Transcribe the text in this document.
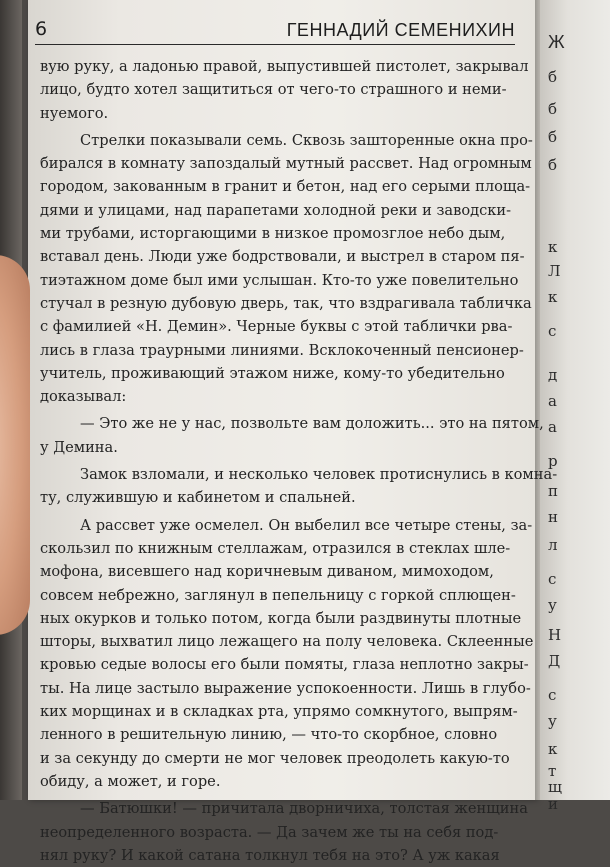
Ж
б
б
б
б
к
Л
к
с
д
а
а
р
п
н
л
с
у
Н
Д
с
у
к
т
щ
и
6	ГЕННАДИЙ СЕМЕНИХИН
вую руку, а ладонью правой, выпустившей пистолет, закрывал
лицо, будто хотел защититься от чего-то страшного и неми-
нуемого.
Стрелки показывали семь. Сквозь зашторенные окна про-
бирался в комнату запоздалый мутный рассвет. Над огромным
городом, закованным в гранит и бетон, над его серыми площа-
дями и улицами, над парапетами холодной реки и заводски-
ми трубами, исторгающими в низкое промозглое небо дым,
вставал день. Люди уже бодрствовали, и выстрел в старом пя-
тиэтажном доме был ими услышан. Кто-то уже повелительно
стучал в резную дубовую дверь, так, что вздрагивала табличка
с фамилией «Н. Демин». Черные буквы с этой таблички рва-
лись в глаза траурными линиями. Всклокоченный пенсионер-
учитель, проживающий этажом ниже, кому-то убедительно
доказывал:
— Это же не у нас, позвольте вам доложить... это на пятом,
у Демина.
Замок взломали, и несколько человек протиснулись в комна-
ту, служившую и кабинетом и спальней.
А рассвет уже осмелел. Он выбелил все четыре стены, за-
скользил по книжным стеллажам, отразился в стеклах шле-
мофона, висевшего над коричневым диваном, мимоходом,
совсем небрежно, заглянул в пепельницу с горкой сплющен-
ных окурков и только потом, когда были раздвинуты плотные
шторы, выхватил лицо лежащего на полу человека. Склеенные
кровью седые волосы его были помяты, глаза неплотно закры-
ты. На лице застыло выражение успокоенности. Лишь в глубо-
ких морщинах и в складках рта, упрямо сомкнутого, выпрям-
ленного в решительную линию, — что-то скорбное, словно
и за секунду до смерти не мог человек преодолеть какую-то
обиду, а может, и горе.
— Батюшки! — причитала дворничиха, толстая женщина
неопределенного возраста. — Да зачем же ты на себя под-
нял руку? И какой сатана толкнул тебя на это? А уж какая
